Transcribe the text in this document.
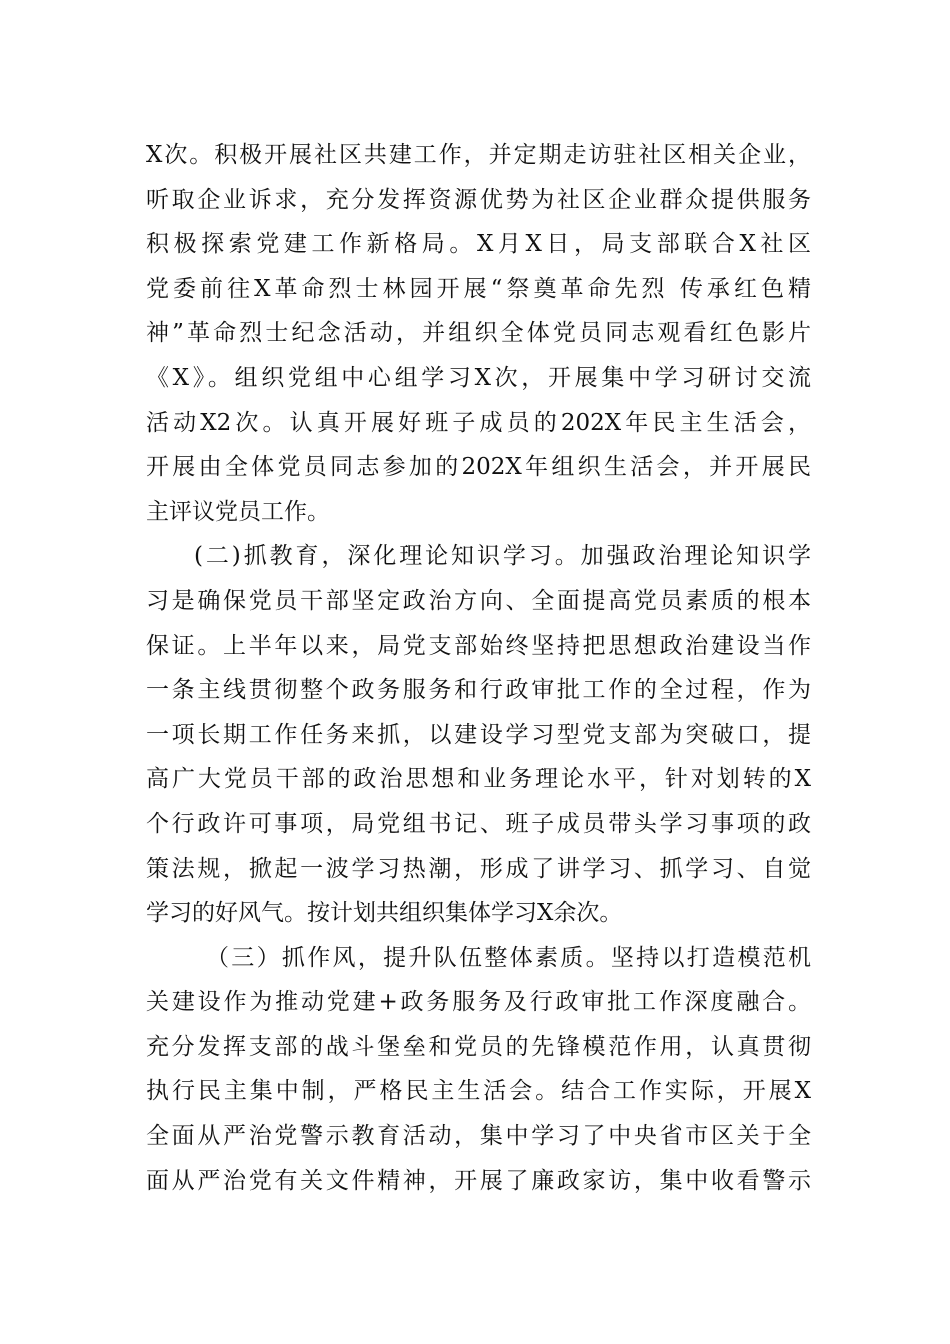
X次。积极开展社区共建工作，并定期走访驻社区相关企业，
听取企业诉求，充分发挥资源优势为社区企业群众提供服务
积极探索党建工作新格局。X月X日，局支部联合X社区
党委前往X革命烈士林园开展“祭奠革命先烈 传承红色精
神”革命烈士纪念活动，并组织全体党员同志观看红色影片
《X》。组织党组中心组学习X次，开展集中学习研讨交流
活动X2次。认真开展好班子成员的202X年民主生活会，
开展由全体党员同志参加的202X年组织生活会，并开展民
主评议党员工作。
(二)抓教育，深化理论知识学习。加强政治理论知识学
习是确保党员干部坚定政治方向、全面提高党员素质的根本
保证。上半年以来，局党支部始终坚持把思想政治建设当作
一条主线贯彻整个政务服务和行政审批工作的全过程，作为
一项长期工作任务来抓，以建设学习型党支部为突破口，提
高广大党员干部的政治思想和业务理论水平，针对划转的X
个行政许可事项，局党组书记、班子成员带头学习事项的政
策法规，掀起一波学习热潮，形成了讲学习、抓学习、自觉
学习的好风气。按计划共组织集体学习X余次。
（三）抓作风，提升队伍整体素质。坚持以打造模范机
关建设作为推动党建+政务服务及行政审批工作深度融合。
充分发挥支部的战斗堡垒和党员的先锋模范作用，认真贯彻
执行民主集中制，严格民主生活会。结合工作实际，开展X
全面从严治党警示教育活动，集中学习了中央省市区关于全
面从严治党有关文件精神，开展了廉政家访，集中收看警示
